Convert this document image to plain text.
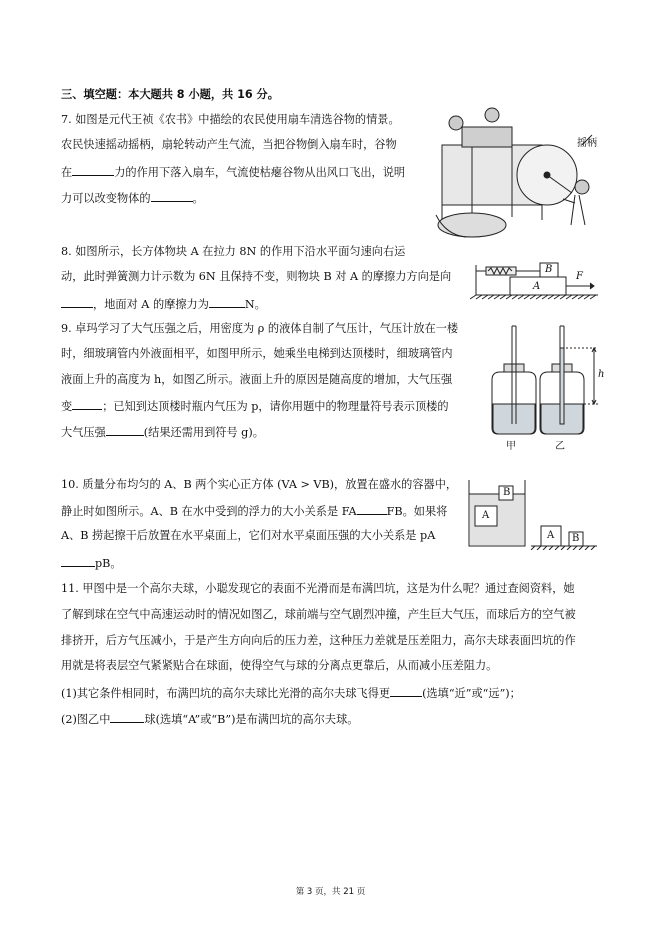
三、填空题：本大题共 8 小题，共 16 分。
7. 如图是元代王祯《农书》中描绘的农民使用扇车清选谷物的情景。
农民快速摇动摇柄，扇轮转动产生气流，当把谷物倒入扇车时，谷物
在	力的作用下落入扇车，气流使枯瘪谷物从出风口飞出，说明
力可以改变物体的	。
摇柄
8. 如图所示，长方体物块 A 在拉力 8N 的作用下沿水平面匀速向右运
动，此时弹簧测力计示数为 6N 且保持不变，则物块 B 对 A 的摩擦力方向是向
，地面对 A 的摩擦力为	N。
B
A
F
9. 卓玛学习了大气压强之后，用密度为 ρ 的液体自制了气压计，气压计放在一楼
时，细玻璃管内外液面相平，如图甲所示，她乘坐电梯到达顶楼时，细玻璃管内
液面上升的高度为 h，如图乙所示。液面上升的原因是随高度的增加，大气压强
变	；已知到达顶楼时瓶内气压为 p，请你用题中的物理量符号表示顶楼的
大气压强	(结果还需用到符号 g)。
h
甲	乙
10. 质量分布均匀的 A、B 两个实心正方体 (VA > VB)，放置在盛水的容器中，
静止时如图所示。A、B 在水中受到的浮力的大小关系是 FA	FB。如果将
A、B 捞起擦干后放置在水平桌面上，它们对水平桌面压强的大小关系是 pA
pB。
A
B
A B
11. 甲图中是一个高尔夫球，小聪发现它的表面不光滑而是布满凹坑，这是为什么呢？通过查阅资料，她
了解到球在空气中高速运动时的情况如图乙，球前端与空气剧烈冲撞，产生巨大气压，而球后方的空气被
排挤开，后方气压减小，于是产生方向向后的压力差，这种压力差就是压差阻力，高尔夫球表面凹坑的作
用就是将表层空气紧紧贴合在球面，使得空气与球的分离点更靠后，从而减小压差阻力。
(1)其它条件相同时，布满凹坑的高尔夫球比光滑的高尔夫球飞得更	(选填“近”或“远”)；
(2)图乙中	球(选填“A”或“B”)是布满凹坑的高尔夫球。
第 3 页，共 21 页
